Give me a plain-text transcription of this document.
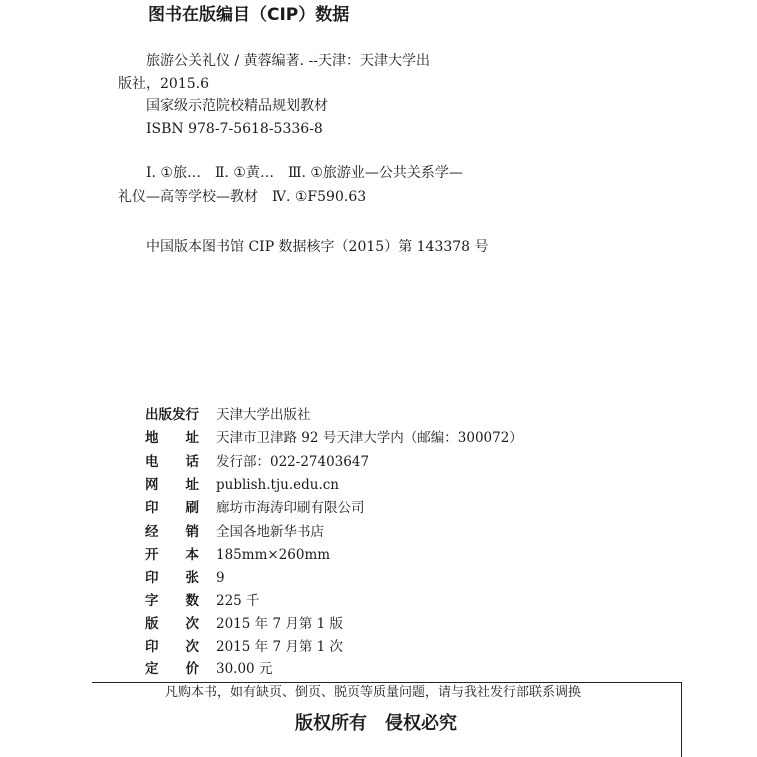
图书在版编目（CIP）数据
旅游公关礼仪 / 黄蓉编著. --天津：天津大学出
版社，2015.6
国家级示范院校精品规划教材
ISBN 978-7-5618-5336-8
Ⅰ. ①旅…　Ⅱ. ①黄…　Ⅲ. ①旅游业—公共关系学—
礼仪—高等学校—教材　Ⅳ. ①F590.63
中国版本图书馆 CIP 数据核字（2015）第 143378 号
出版发行	天津大学出版社
地　　址	天津市卫津路 92 号天津大学内（邮编：300072）
电　　话	发行部：022-27403647
网　　址	publish.tju.edu.cn
印　　刷	廊坊市海涛印刷有限公司
经　　销	全国各地新华书店
开　　本	185mm×260mm
印　　张	9
字　　数	225 千
版　　次	2015 年 7 月第 1 版
印　　次	2015 年 7 月第 1 次
定　　价	30.00 元
凡购本书，如有缺页、倒页、脱页等质量问题，请与我社发行部联系调换
版权所有　侵权必究
